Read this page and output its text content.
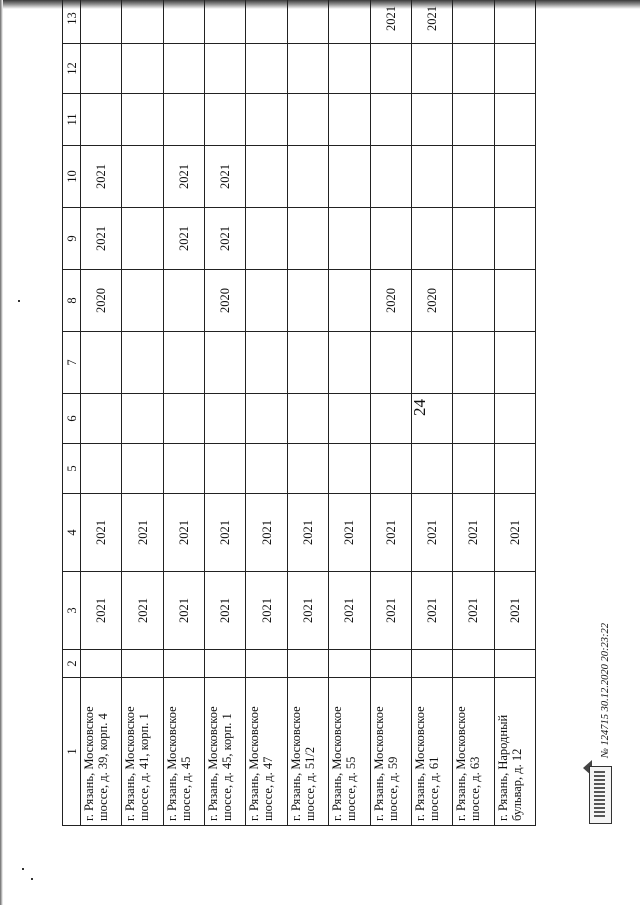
24
1	2	3	4	5	6	7	8	9	10	11	12	13
г. Рязань, Московское шоссе, д. 39, корп. 4		2021	2021				2020	2021	2021			
г. Рязань, Московское шоссе, д. 41, корп. 1		2021	2021									
г. Рязань, Московское шоссе, д. 45		2021	2021					2021	2021			
г. Рязань, Московское шоссе, д. 45, корп. 1		2021	2021				2020	2021	2021			
г. Рязань, Московское шоссе, д. 47		2021	2021									
г. Рязань, Московское шоссе, д. 51/2		2021	2021									
г. Рязань, Московское шоссе, д. 55		2021	2021									
г. Рязань, Московское шоссе, д. 59		2021	2021				2020					2021
г. Рязань, Московское шоссе, д. 61		2021	2021				2020					2021
г. Рязань, Московское шоссе, д. 63		2021	2021									
г. Рязань, Народный бульвар, д. 12		2021	2021									
№ 124715 30.12.2020 20:23:22
